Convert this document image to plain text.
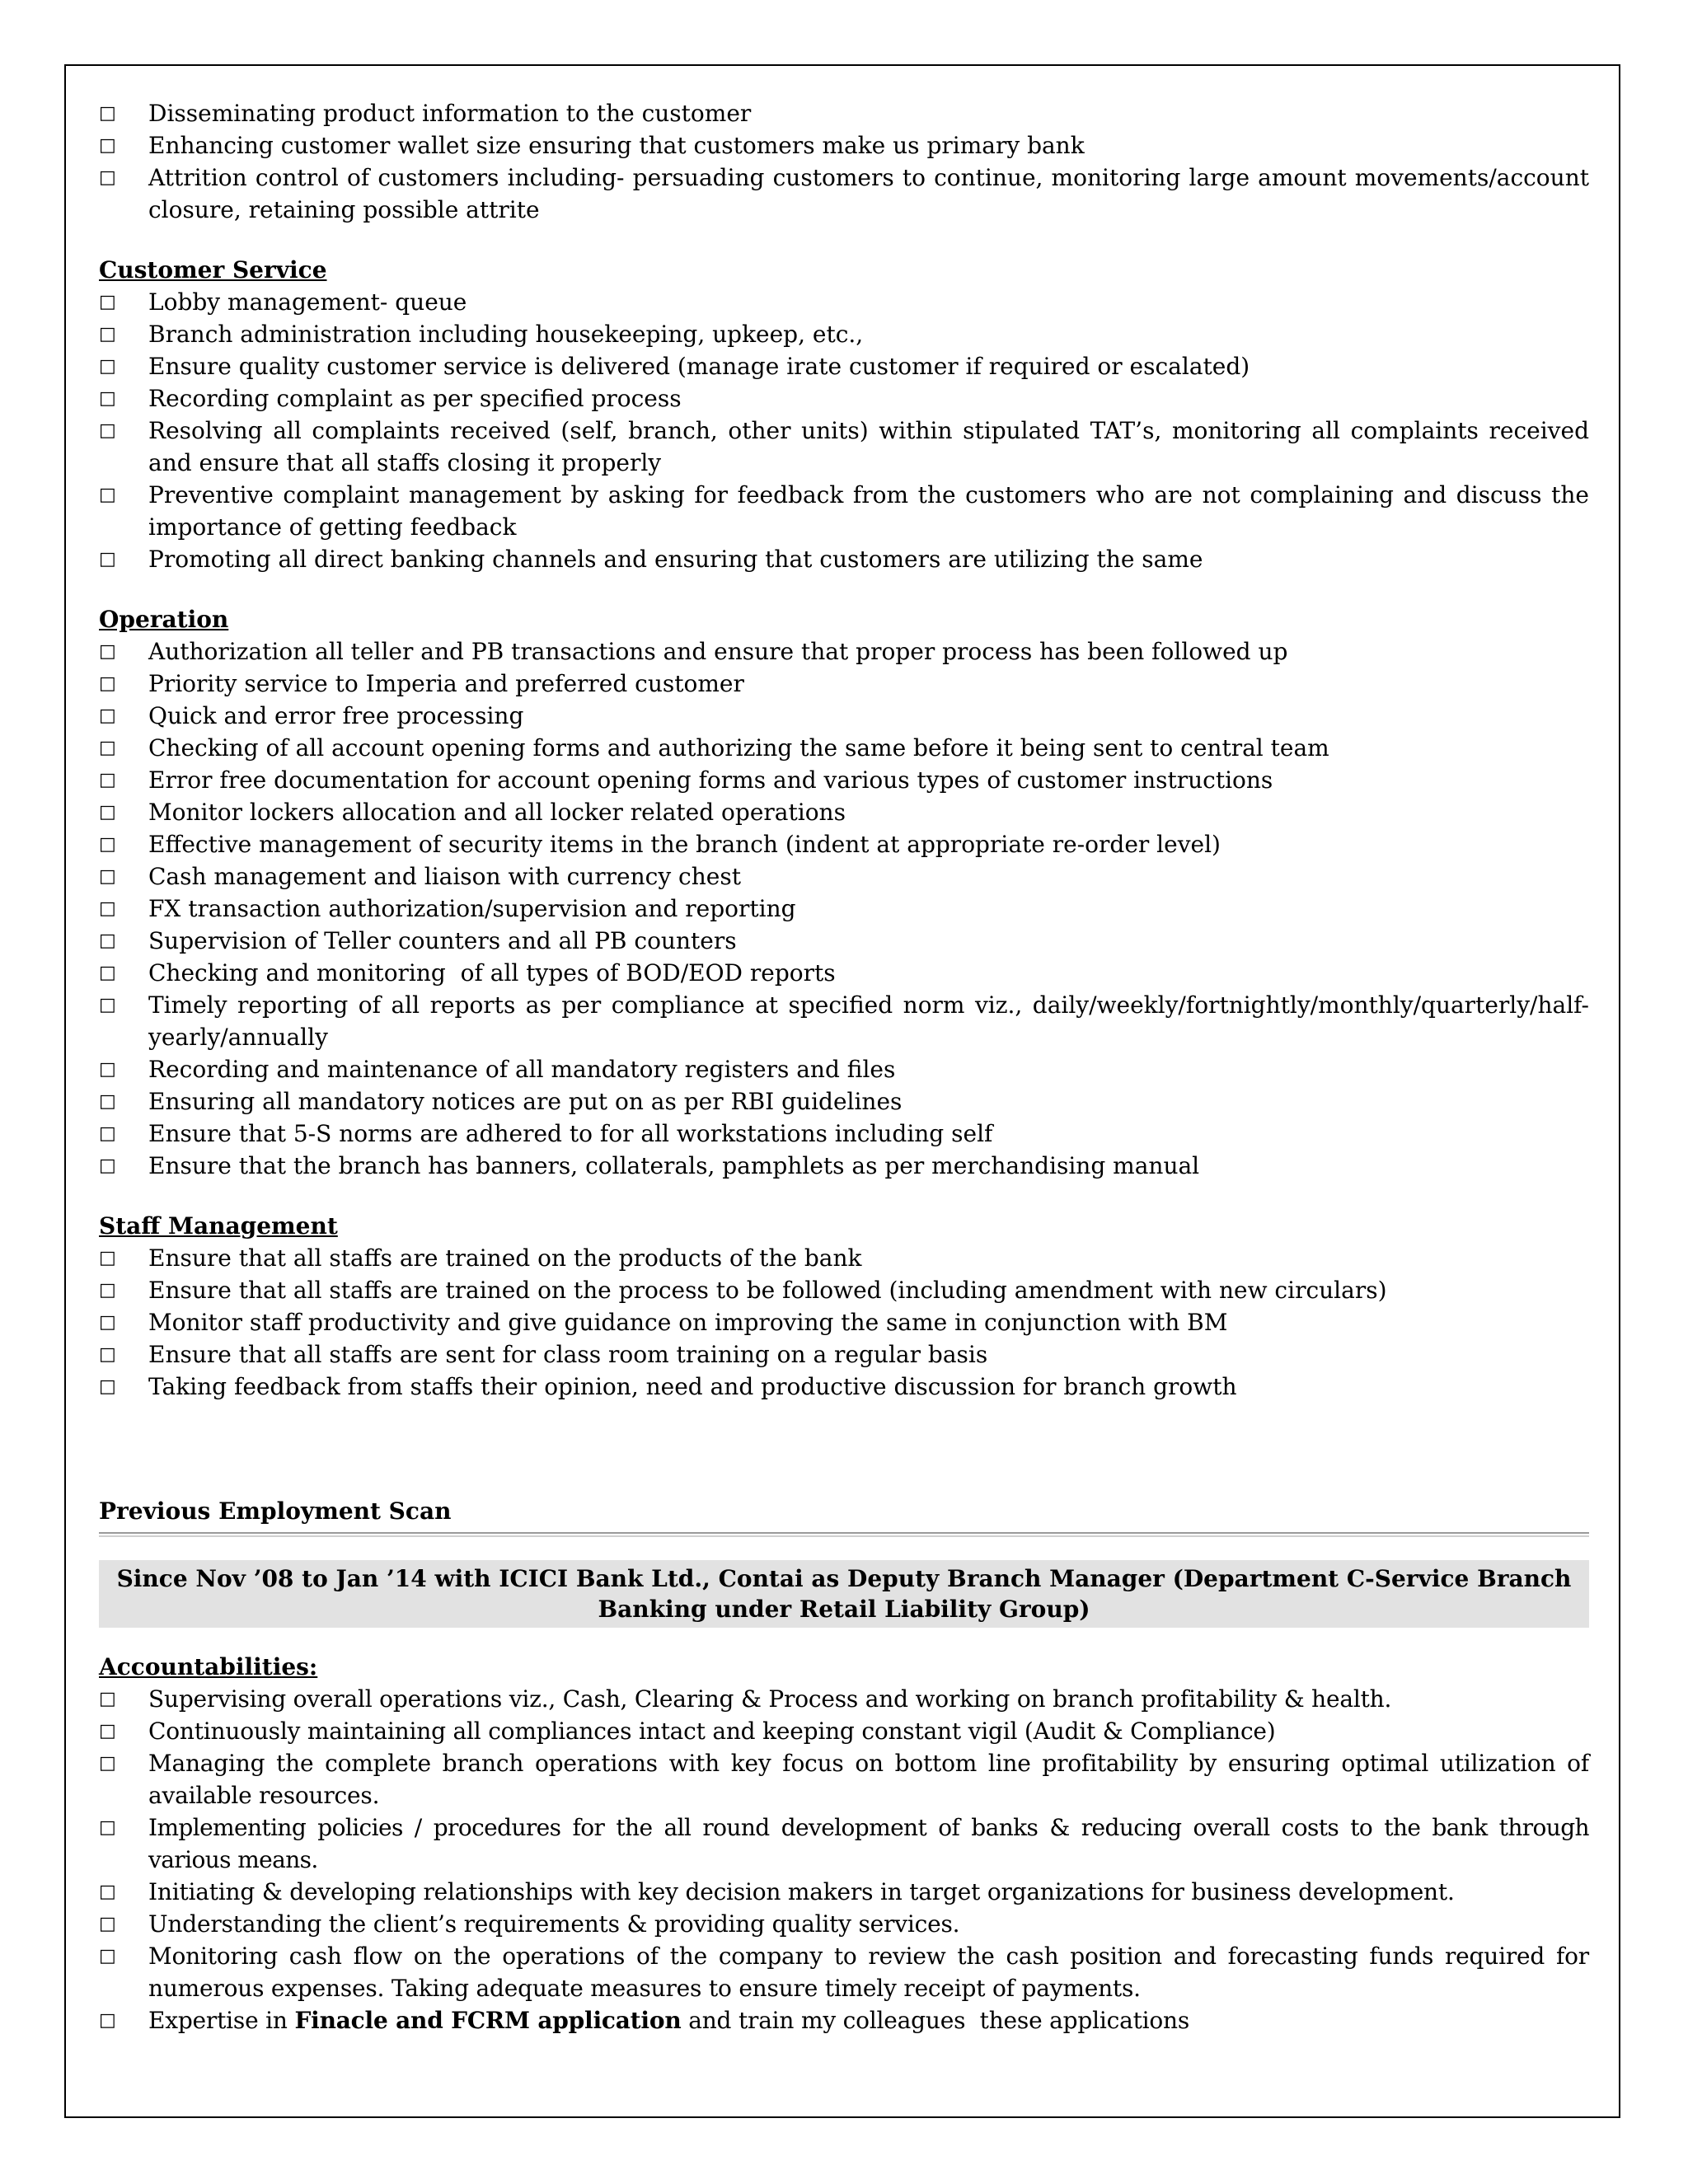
□ Disseminating product information to the customer
□ Enhancing customer wallet size ensuring that customers make us primary bank
□ Attrition control of customers including- persuading customers to continue, monitoring large amount movements/account closure, retaining possible attrite
Customer Service
□ Lobby management- queue
□ Branch administration including housekeeping, upkeep, etc.,
□ Ensure quality customer service is delivered (manage irate customer if required or escalated)
□ Recording complaint as per specified process
□ Resolving all complaints received (self, branch, other units) within stipulated TAT’s, monitoring all complaints received and ensure that all staffs closing it properly
□ Preventive complaint management by asking for feedback from the customers who are not complaining and discuss the importance of getting feedback
□ Promoting all direct banking channels and ensuring that customers are utilizing the same
Operation
□ Authorization all teller and PB transactions and ensure that proper process has been followed up
□ Priority service to Imperia and preferred customer
□ Quick and error free processing
□ Checking of all account opening forms and authorizing the same before it being sent to central team
□ Error free documentation for account opening forms and various types of customer instructions
□ Monitor lockers allocation and all locker related operations
□ Effective management of security items in the branch (indent at appropriate re-order level)
□ Cash management and liaison with currency chest
□ FX transaction authorization/supervision and reporting
□ Supervision of Teller counters and all PB counters
□ Checking and monitoring  of all types of BOD/EOD reports
□ Timely reporting of all reports as per compliance at specified norm viz., daily/weekly/fortnightly/monthly/quarterly/half-yearly/annually
□ Recording and maintenance of all mandatory registers and files
□ Ensuring all mandatory notices are put on as per RBI guidelines
□ Ensure that 5-S norms are adhered to for all workstations including self
□ Ensure that the branch has banners, collaterals, pamphlets as per merchandising manual
Staff Management
□ Ensure that all staffs are trained on the products of the bank
□ Ensure that all staffs are trained on the process to be followed (including amendment with new circulars)
□ Monitor staff productivity and give guidance on improving the same in conjunction with BM
□ Ensure that all staffs are sent for class room training on a regular basis
□ Taking feedback from staffs their opinion, need and productive discussion for branch growth
Previous Employment Scan
Since Nov ’08 to Jan ’14 with ICICI Bank Ltd., Contai as Deputy Branch Manager (Department C-Service Branch Banking under Retail Liability Group)
Accountabilities:
□ Supervising overall operations viz., Cash, Clearing & Process and working on branch profitability & health.
□ Continuously maintaining all compliances intact and keeping constant vigil (Audit & Compliance)
□ Managing the complete branch operations with key focus on bottom line profitability by ensuring optimal utilization of available resources.
□ Implementing policies / procedures for the all round development of banks & reducing overall costs to the bank through various means.
□ Initiating & developing relationships with key decision makers in target organizations for business development.
□ Understanding the client’s requirements & providing quality services.
□ Monitoring cash flow on the operations of the company to review the cash position and forecasting funds required for numerous expenses. Taking adequate measures to ensure timely receipt of payments.
□ Expertise in Finacle and FCRM application and train my colleagues  these applications
